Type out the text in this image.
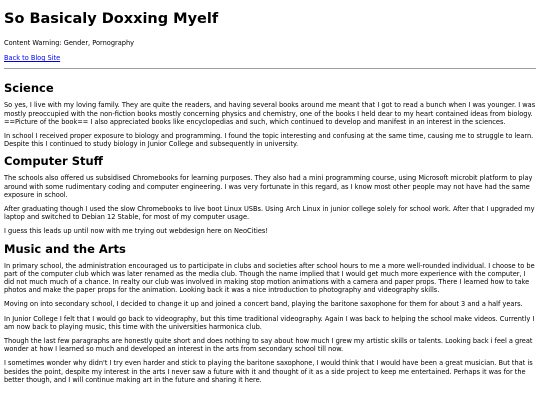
So Basicaly Doxxing Myelf

Content Warning: Gender, Pornography

Back to Blog Site

Science

So yes, I live with my loving family. They are quite the readers, and having several books around me meant that I got to read a bunch when I was younger. I was mostly preoccupied with the non-fiction books mostly concerning physics and chemistry, one of the books I held dear to my heart contained ideas from biology. ==Picture of the book== I also appreciated books like encyclopedias and such, which continued to develop and manifest in an interest in the sciences.

In school I received proper exposure to biology and programming. I found the topic interesting and confusing at the same time, causing me to struggle to learn. Despite this I continued to study biology in Junior College and subsequently in university.

Computer Stuff

The schools also offered us subsidised Chromebooks for learning purposes. They also had a mini programming course, using Microsoft microbit platform to play around with some rudimentary coding and computer engineering. I was very fortunate in this regard, as I know most other people may not have had the same exposure in school.

After graduating though I used the slow Chromebooks to live boot Linux USBs. Using Arch Linux in junior college solely for school work. After that I upgraded my laptop and switched to Debian 12 Stable, for most of my computer usage.

I guess this leads up until now with me trying out webdesign here on NeoCities!

Music and the Arts

In primary school, the administration encouraged us to participate in clubs and societies after school hours to me a more well-rounded individual. I choose to be part of the computer club which was later renamed as the media club. Though the name implied that I would get much more experience with the computer, I did not much much of a chance. In realty our club was involved in making stop motion animations with a camera and paper props. There I learned how to take photos and make the paper props for the animation. Looking back it was a nice introduction to photography and videography skills.

Moving on into secondary school, I decided to change it up and joined a concert band, playing the baritone saxophone for them for about 3 and a half years.

In Junior College I felt that I would go back to videography, but this time traditional videography. Again I was back to helping the school make videos. Currently I am now back to playing music, this time with the universities harmonica club.

Though the last few paragraphs are honestly quite short and does nothing to say about how much I grew my artistic skills or talents. Looking back i feel a great wonder at how I learned so much and developed an interest in the arts from secondary school till now.

I sometimes wonder why didn't I try even harder and stick to playing the baritone saxophone, I would think that I would have been a great musician. But that is besides the point, despite my interest in the arts I never saw a future with it and thought of it as a side project to keep me entertained. Perhaps it was for the better though, and I will continue making art in the future and sharing it here.
